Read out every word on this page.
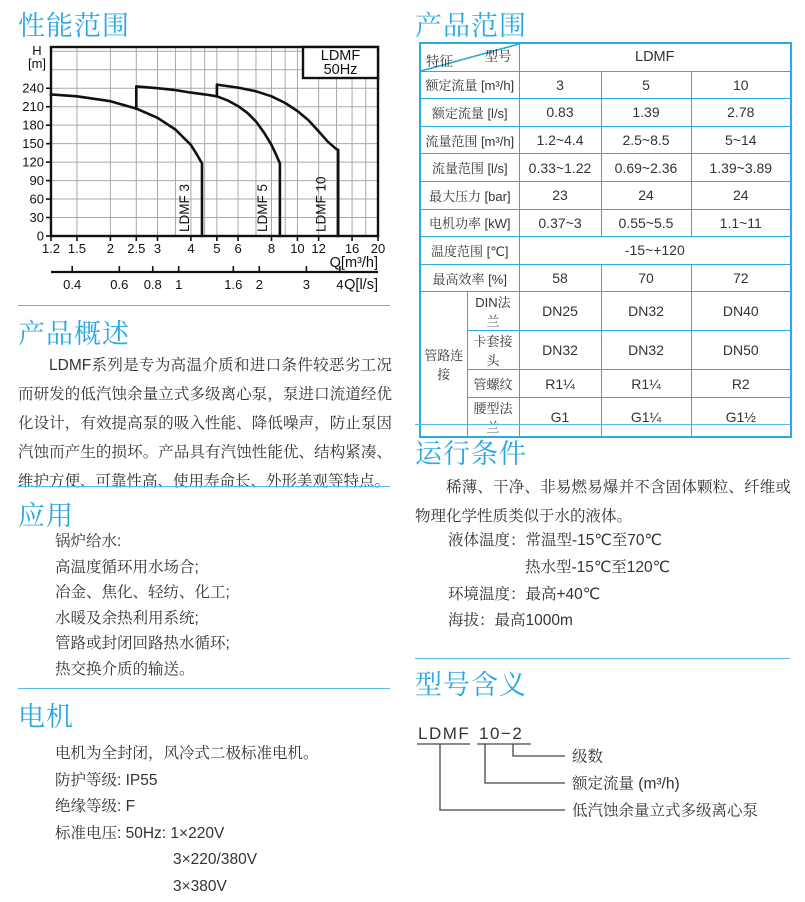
性能范围
0
30
60
90
120
150
180
210
240
1.2 1.5 2 2.5 3 4 5 6 8 10 12 16 20
Q[m³/h]
H
[m]
LDMF 3	LDMF 5	LDMF 10
LDMF
50Hz
0.4 0.6 0.8 1	1.6 2	3 4 Q[l/s]
产品概述
LDMF系列是专为高温介质和进口条件较恶劣工况而研发的低汽蚀余量立式多级离心泵，泵进口流道经优化设计，有效提高泵的吸入性能、降低噪声，防止泵因汽蚀而产生的损坏。产品具有汽蚀性能优、结构紧凑、维护方便、可靠性高、使用寿命长、外形美观等特点。
应用
锅炉给水:
高温度循环用水场合;
冶金、焦化、轻纺、化工;
水暖及余热利用系统;
管路或封闭回路热水循环;
热交换介质的输送。
电机
电机为全封闭，风冷式二极标准电机。
防护等级: IP55
绝缘等级: F
标准电压: 50Hz: 1×220V
3×220/380V
3×380V
产品范围
型号
特征		LDMF		
额定流量 [m³/h]		3	5	10
额定流量 [l/s]		0.83	1.39	2.78
流量范围 [m³/h]		1.2~4.4	2.5~8.5	5~14
流量范围 [l/s]		0.33~1.22	0.69~2.36	1.39~3.89
最大压力 [bar]		23	24	24
电机功率 [kW]		0.37~3	0.55~5.5	1.1~11
温度范围 [℃]		-15~+120		
最高效率 [%]		58	70	72
管路连接	DIN法兰	DN25	DN32	DN40
	卡套接头	DN32	DN32	DN50
	管螺纹	R1¼	R1¼	R2
	腰型法兰	G1	G1¼	G1½
运行条件
稀薄、干净、非易燃易爆并不含固体颗粒、纤维或物理化学性质类似于水的液体。
液体温度：常温型-15℃至70℃
热水型-15℃至120℃
环境温度：最高+40℃
海拔：最高1000m
型号含义
LDMF 10−2
级数
额定流量 (m³/h)
低汽蚀余量立式多级离心泵
